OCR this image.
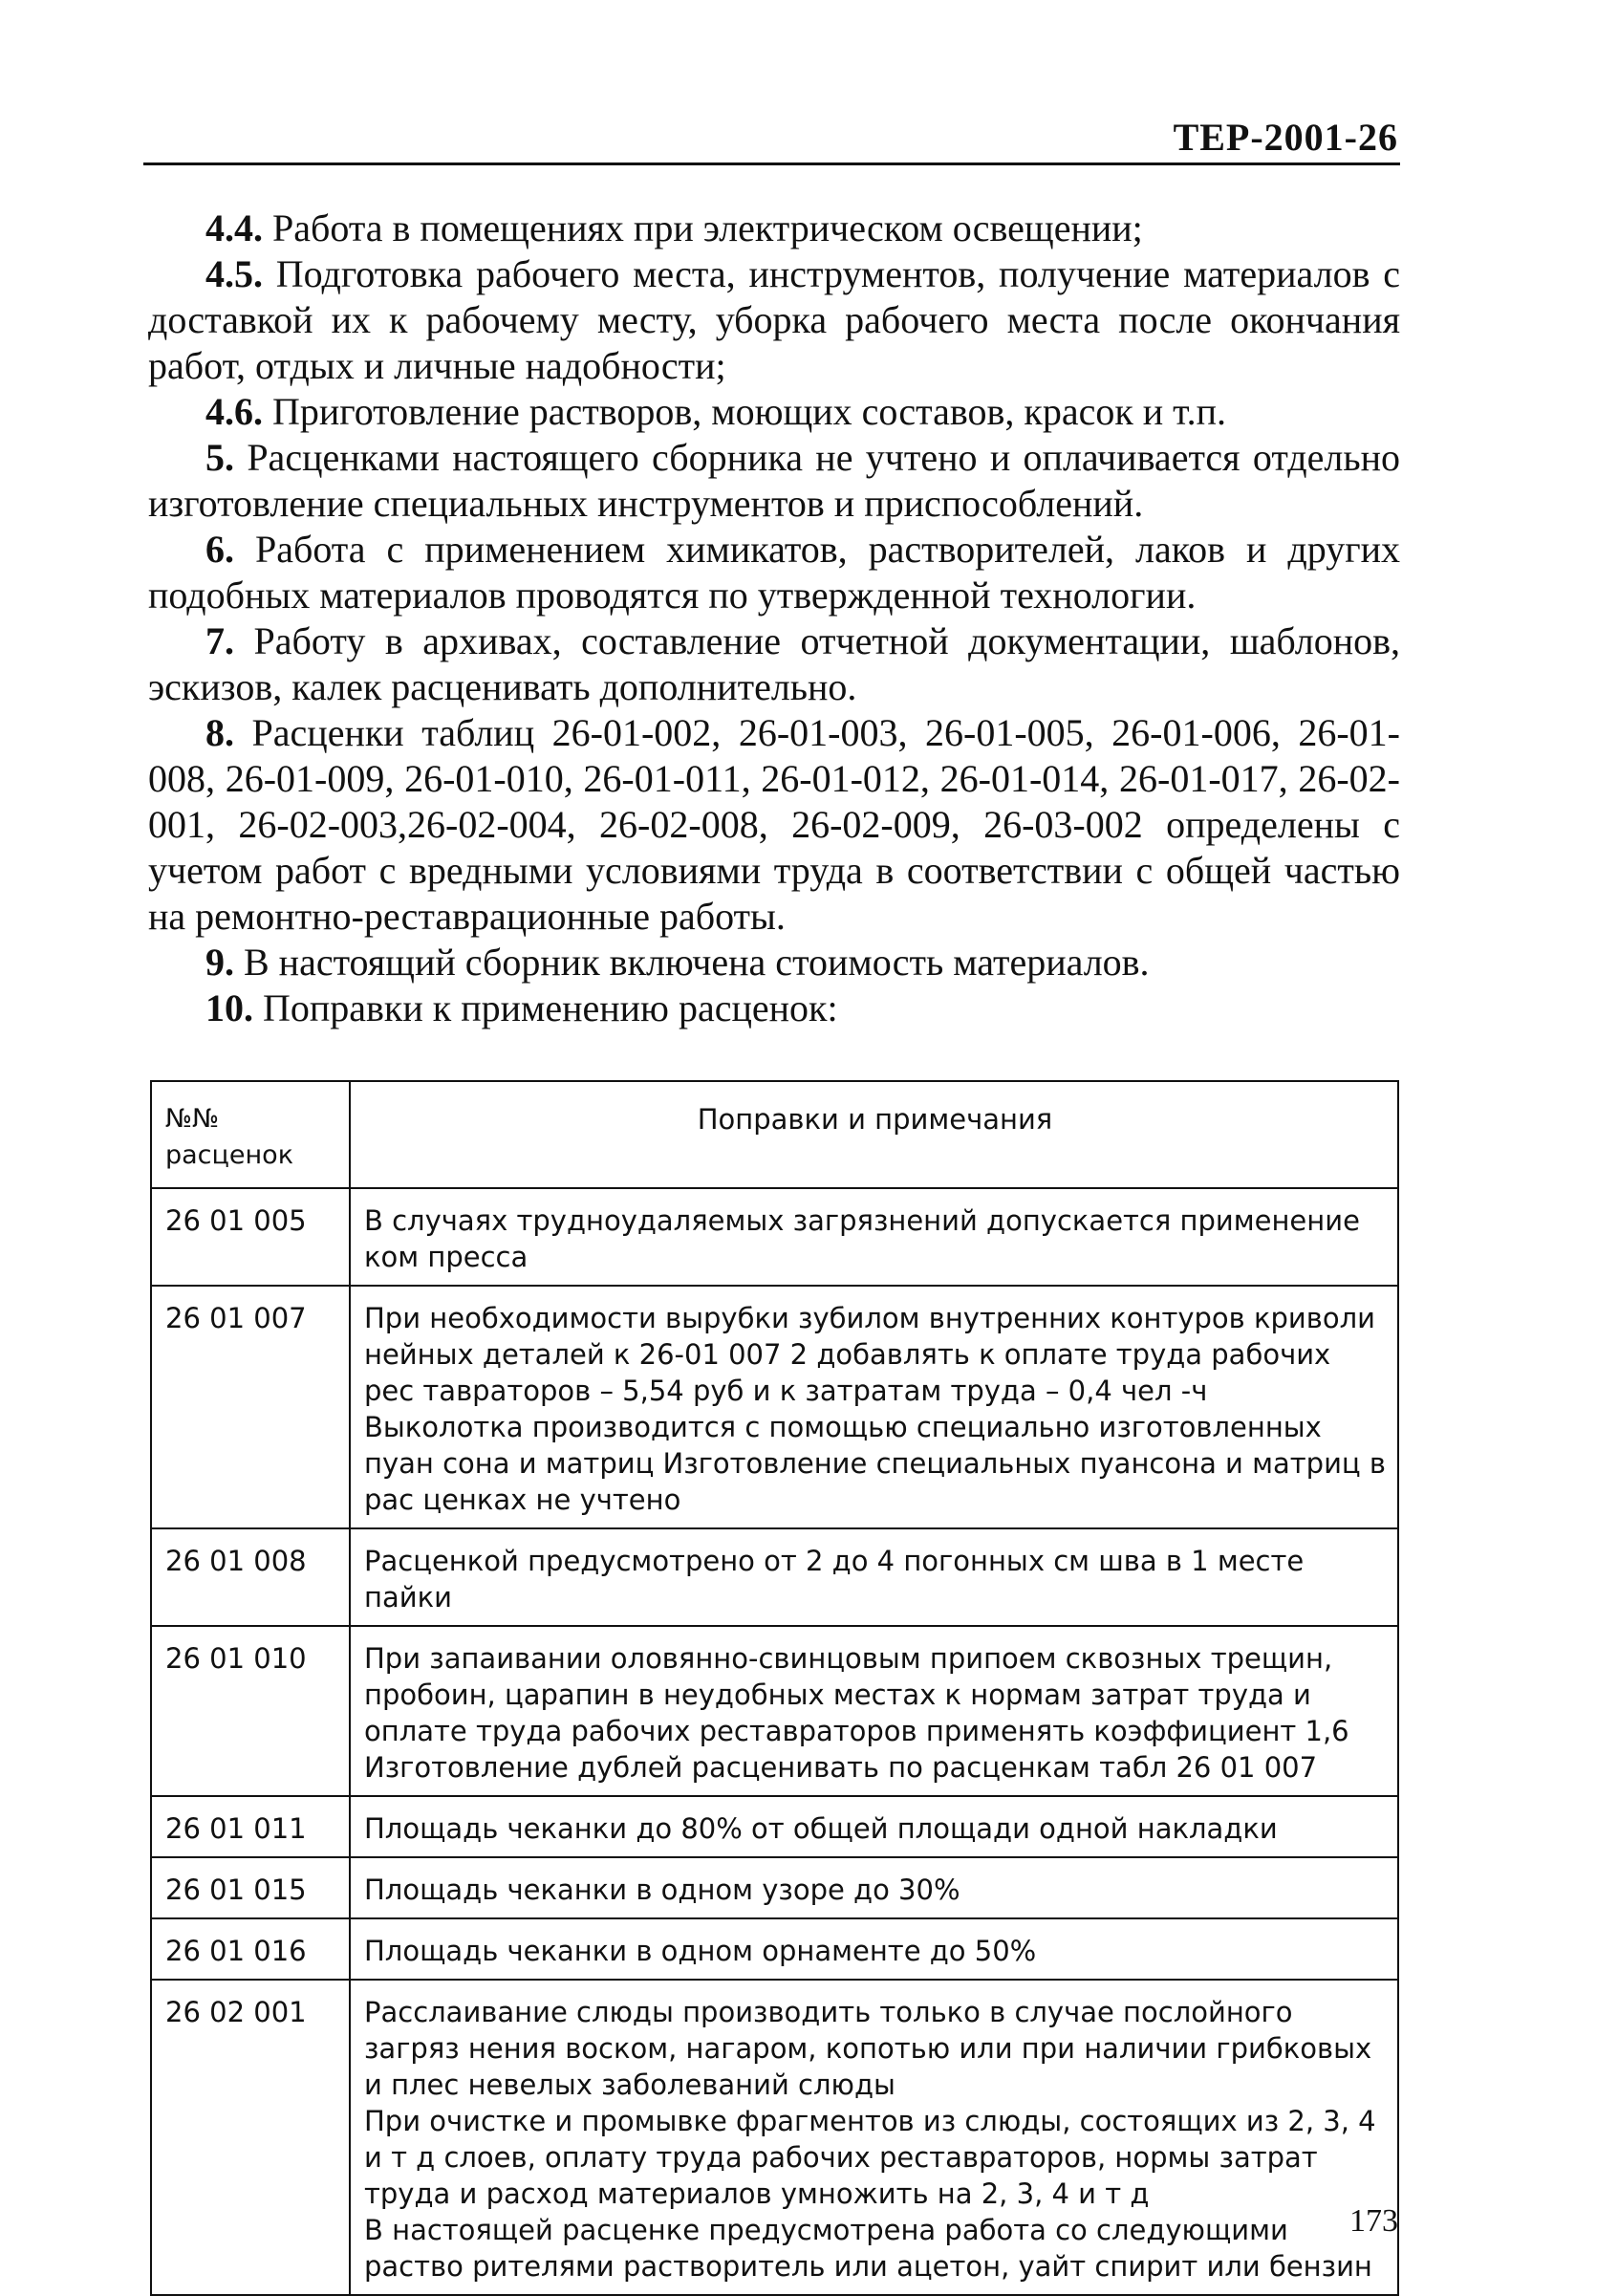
ТЕР-2001-26

4.4. Работа в помещениях при электрическом освещении;

4.5. Подготовка рабочего места, инструментов, получение материалов с доставкой их к рабочему месту, уборка рабочего места после окончания работ, отдых и личные надобности;

4.6. Приготовление растворов, моющих составов, красок и т.п.

5. Расценками настоящего сборника не учтено и оплачивается отдельно изготовление специальных инструментов и приспособлений.

6. Работа с применением химикатов, растворителей, лаков и других подобных материалов проводятся по утвержденной технологии.

7. Работу в архивах, составление отчетной документации, шаблонов, эскизов, калек расценивать дополнительно.

8. Расценки таблиц 26-01-002, 26-01-003, 26-01-005, 26-01-006, 26-01-008, 26-01-009, 26-01-010, 26-01-011, 26-01-012, 26-01-014, 26-01-017, 26-02-001, 26-02-003,26-02-004, 26-02-008, 26-02-009, 26-03-002 определены с учетом работ с вредными условиями труда в соответствии с общей частью на ремонтно-реставрационные работы.

9. В настоящий сборник включена стоимость материалов.

10. Поправки к применению расценок:

№№ расценок	Поправки и примечания
26 01 005	В случаях трудноудаляемых загрязнений допускается применение ком пресса

26 01 007	При необходимости вырубки зубилом внутренних контуров криволи нейных деталей к 26-01 007 2 добавлять к оплате труда рабочих рес тавраторов – 5,54 руб и к затратам труда – 0,4 чел -ч
Выколотка производится с помощью специально изготовленных пуан сона и матриц Изготовление специальных пуансона и матриц в рас ценках не учтено

26 01 008	Расценкой предусмотрено от 2 до 4 погонных см шва в 1 месте пайки

26 01 010	При запаивании оловянно-свинцовым припоем сквозных трещин, пробоин, царапин в неудобных местах к нормам затрат труда и оплате труда рабочих реставраторов применять коэффициент 1,6
Изготовление дублей расценивать по расценкам табл 26 01 007

26 01 011	Площадь чеканки до 80% от общей площади одной накладки

26 01 015	Площадь чеканки в одном узоре до 30%

26 01 016	Площадь чеканки в одном орнаменте до 50%

26 02 001	Расслаивание слюды производить только в случае послойного загряз нения воском, нагаром, копотью или при наличии грибковых и плес невелых заболеваний слюды
При очистке и промывке фрагментов из слюды, состоящих из 2, 3, 4 и т д слоев, оплату труда рабочих реставраторов, нормы затрат труда и расход материалов умножить на 2, 3, 4 и т д
В настоящей расценке предусмотрена работа со следующими раство рителями растворитель или ацетон, уайт спирит или бензин
173
